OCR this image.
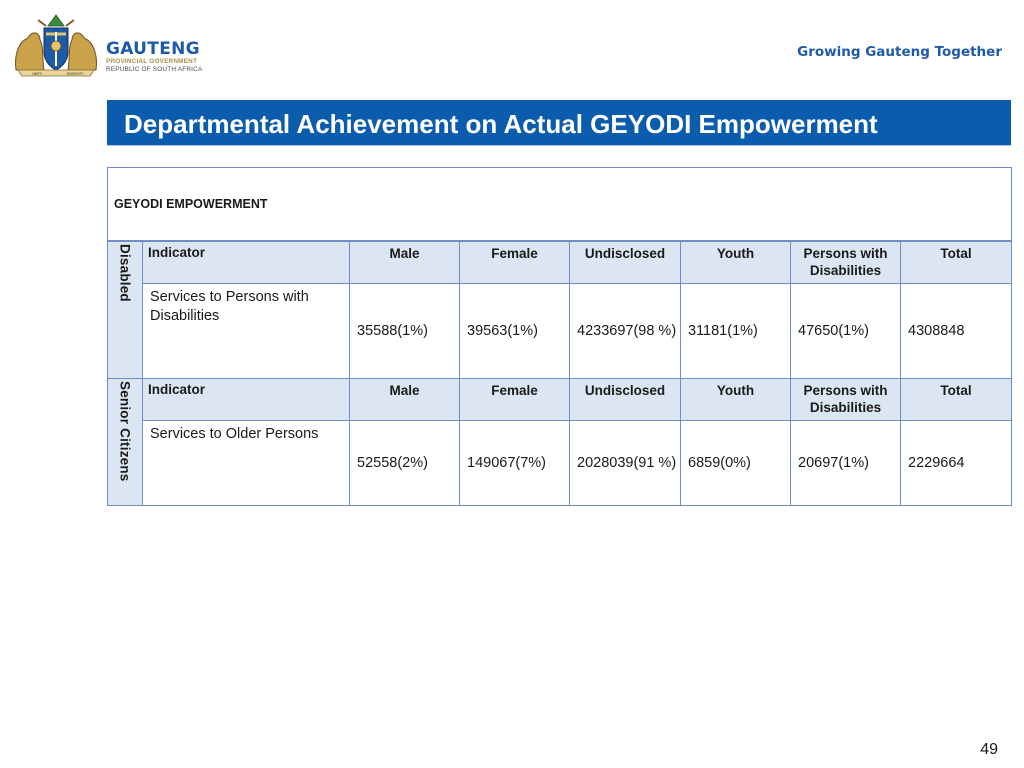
UNITY	DIVERSITY
GAUTENG
PROVINCIAL GOVERNMENT
REPUBLIC OF SOUTH AFRICA
Growing Gauteng Together
Departmental Achievement on Actual GEYODI Empowerment
GEYODI EMPOWERMENT							
Disabled	Indicator	Male	Female	Undisclosed	Youth	Persons with Disabilities	Total
	Services to Persons with Disabilities	35588(1%)	39563(1%)	4233697(98 %)	31181(1%)	47650(1%)	4308848
Senior Citizens	Indicator	Male	Female	Undisclosed	Youth	Persons with Disabilities	Total
	Services to Older Persons	52558(2%)	149067(7%)	2028039(91 %)	6859(0%)	20697(1%)	2229664
49
